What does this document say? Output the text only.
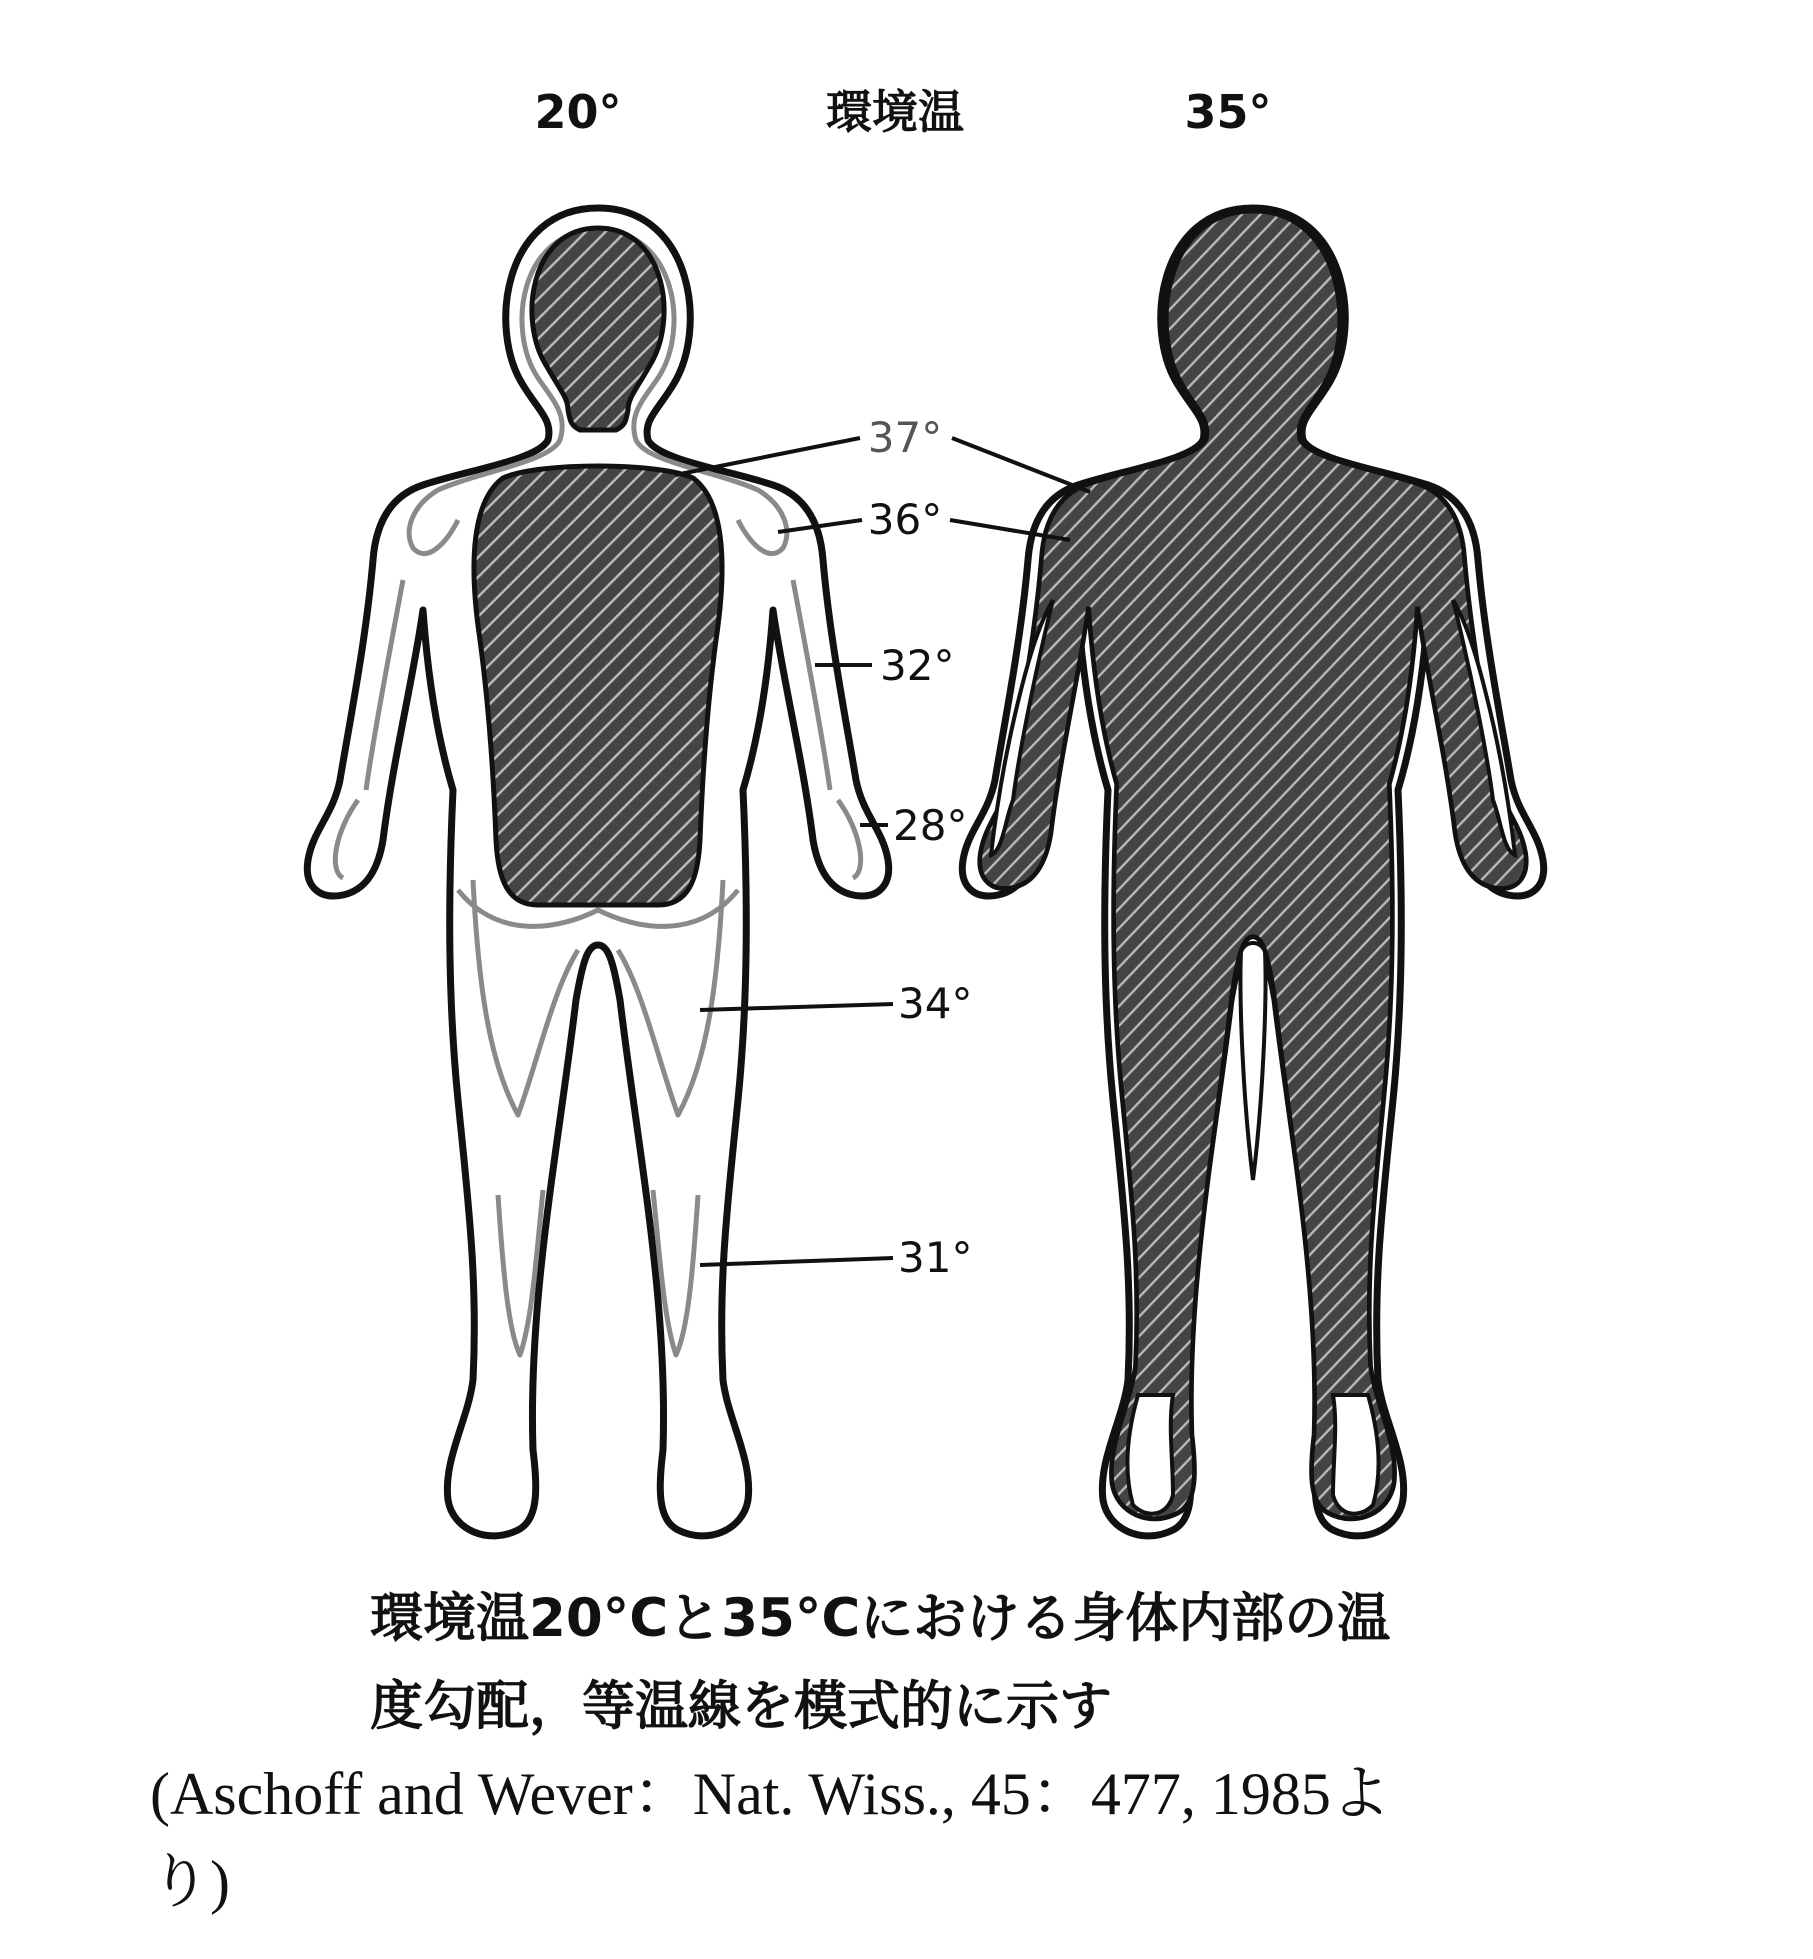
20°	環境温	35°
37°
36°
32°
28°
34°
31°

環境温20°Cと35°Cにおける身体内部の温
度勾配，等温線を模式的に示す

(Aschoff and Wever：Nat. Wiss., 45：477, 1985よ
り)
